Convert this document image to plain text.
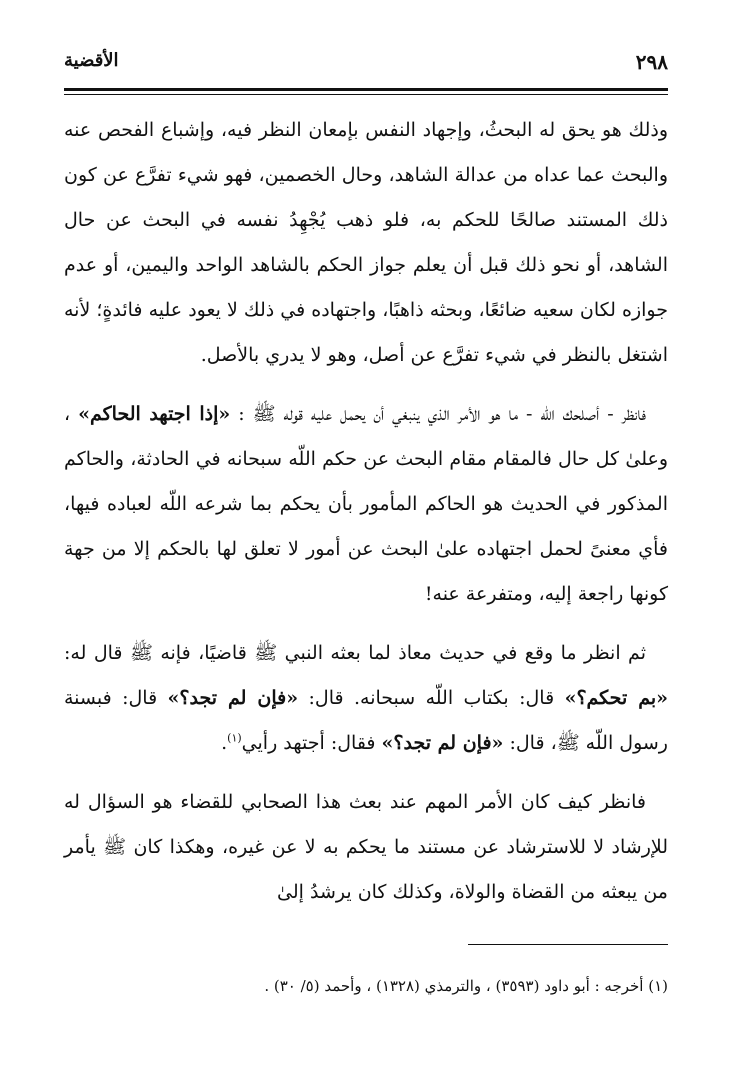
٢٩٨
الأقضية

وذلك هو يحق له البحثُ، وإجهاد النفس بإمعان النظر فيه، وإشباع الفحص عنه والبحث عما عداه من عدالة الشاهد، وحال الخصمين، فهو شيء تفرَّع عن كون ذلك المستند صالحًا للحكم به، فلو ذهب يُجْهِدُ نفسه في البحث عن حال الشاهد، أو نحو ذلك قبل أن يعلم جواز الحكم بالشاهد الواحد واليمين، أو عدم جوازه لكان سعيه ضائعًا، وبحثه ذاهبًا، واجتهاده في ذلك لا يعود عليه فائدةٍ؛ لأنه اشتغل بالنظر في شيء تفرَّع عن أصل، وهو لا يدري بالأصل.

فانظر - أصلحك اللّه - ما هو الأمر الذي ينبغي أن يحمل عليه قوله ﷺ : «إذا اجتهد الحاكم» ، وعلىٰ كل حال فالمقام مقام البحث عن حكم اللّه سبحانه في الحادثة، والحاكم المذكور في الحديث هو الحاكم المأمور بأن يحكم بما شرعه اللّه لعباده فيها، فأي معنىً لحمل اجتهاده علىٰ البحث عن أمور لا تعلق لها بالحكم إلا من جهة كونها راجعة إليه، ومتفرعة عنه!

ثم انظر ما وقع في حديث معاذ لما بعثه النبي ﷺ قاضيًا، فإنه ﷺ قال له: «بم تحكم؟» قال: بكتاب اللّه سبحانه. قال: «فإن لم تجد؟» قال: فبسنة رسول اللّه ﷺ، قال: «فإن لم تجد؟» فقال: أجتهد رأيي$^{(١)}$.

فانظر كيف كان الأمر المهم عند بعث هذا الصحابي للقضاء هو السؤال له للإرشاد لا للاسترشاد عن مستند ما يحكم به لا عن غيره، وهكذا كان ﷺ يأمر من يبعثه من القضاة والولاة، وكذلك كان يرشدُ إلىٰ

(١) أخرجه : أبو داود (٣٥٩٣) ، والترمذي (١٣٢٨) ، وأحمد (٥/ ٣٠) .
